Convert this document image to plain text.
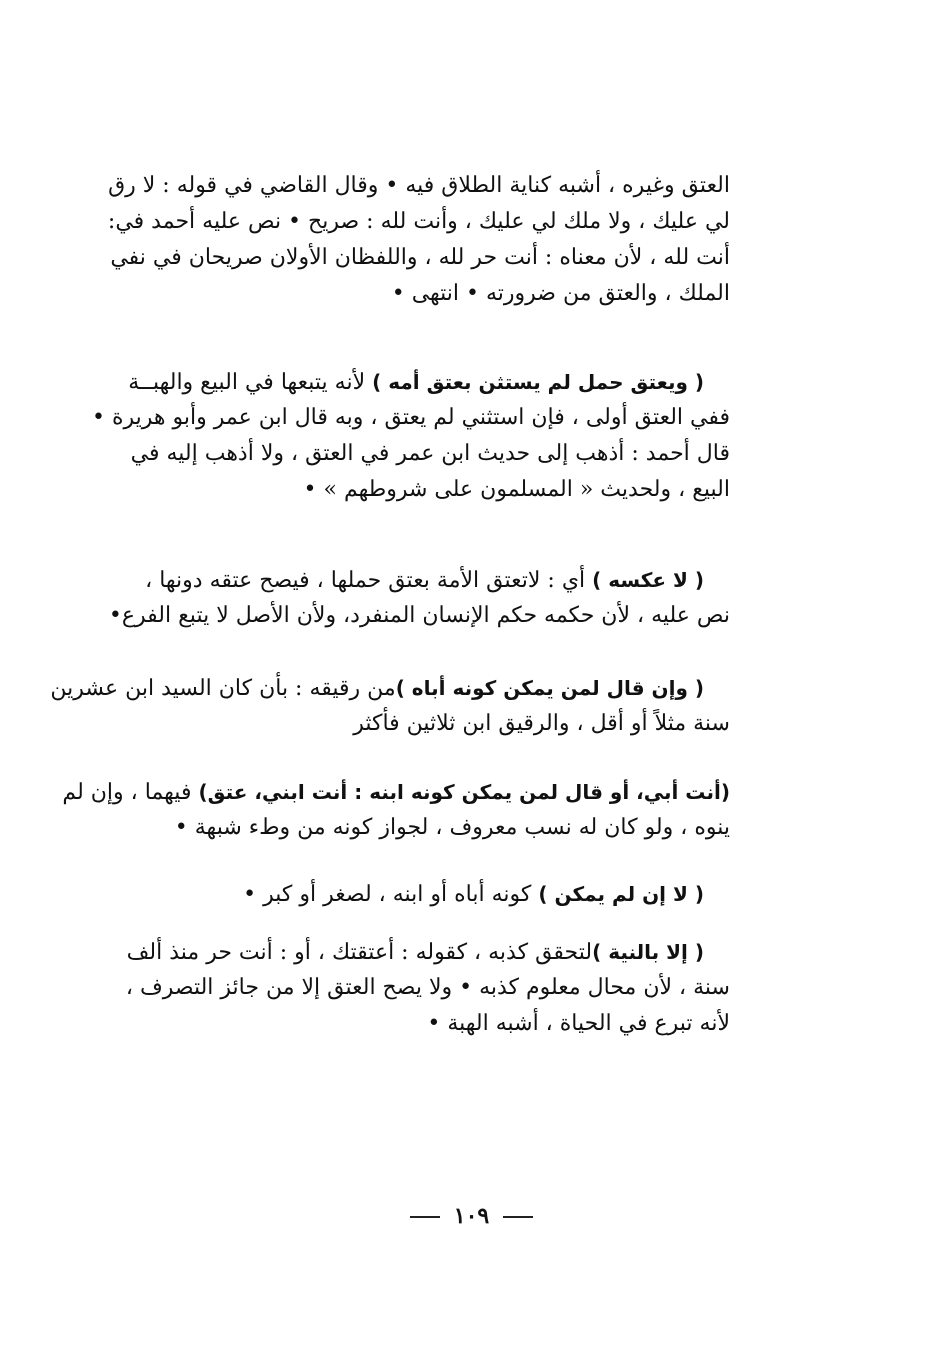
العتق وغيره ، أشبه كناية الطلاق فيه • وقال القاضي في قوله : لا رق
لي عليك ، ولا ملك لي عليك ، وأنت لله : صريح • نص عليه أحمد في:
أنت لله ، لأن معناه : أنت حر لله ، واللفظان الأولان صريحان في نفي
الملك ، والعتق من ضرورته • انتهى •
( ويعتق حمل لم يستثن بعتق أمه ) لأنه يتبعها في البيع والهبــة
ففي العتق أولى ، فإن استثني لم يعتق ، وبه قال ابن عمر وأبو هريرة •
قال أحمد : أذهب إلى حديث ابن عمر في العتق ، ولا أذهب إليه في
البيع ، ولحديث « المسلمون على شروطهم » •
( لا عكسه ) أي : لاتعتق الأمة بعتق حملها ، فيصح عتقه دونها ،
نص عليه ، لأن حكمه حكم الإنسان المنفرد، ولأن الأصل لا يتبع الفرع•
( وإن قال لمن يمكن كونه أباه )من رقيقه : بأن كان السيد ابن عشرين
سنة مثلاً أو أقل ، والرقيق ابن ثلاثين فأكثر
(أنت أبي، أو قال لمن يمكن كونه ابنه : أنت ابني، عتق) فيهما ، وإن لم
ينوه ، ولو كان له نسب معروف ، لجواز كونه من وطء شبهة •
( لا إن لم يمكن ) كونه أباه أو ابنه ، لصغر أو كبر •
( إلا بالنية )لتحقق كذبه ، كقوله : أعتقتك ، أو : أنت حر منذ ألف
سنة ، لأن محال معلوم كذبه • ولا يصح العتق إلا من جائز التصرف ،
لأنه تبرع في الحياة ، أشبه الهبة •
١٠٩
